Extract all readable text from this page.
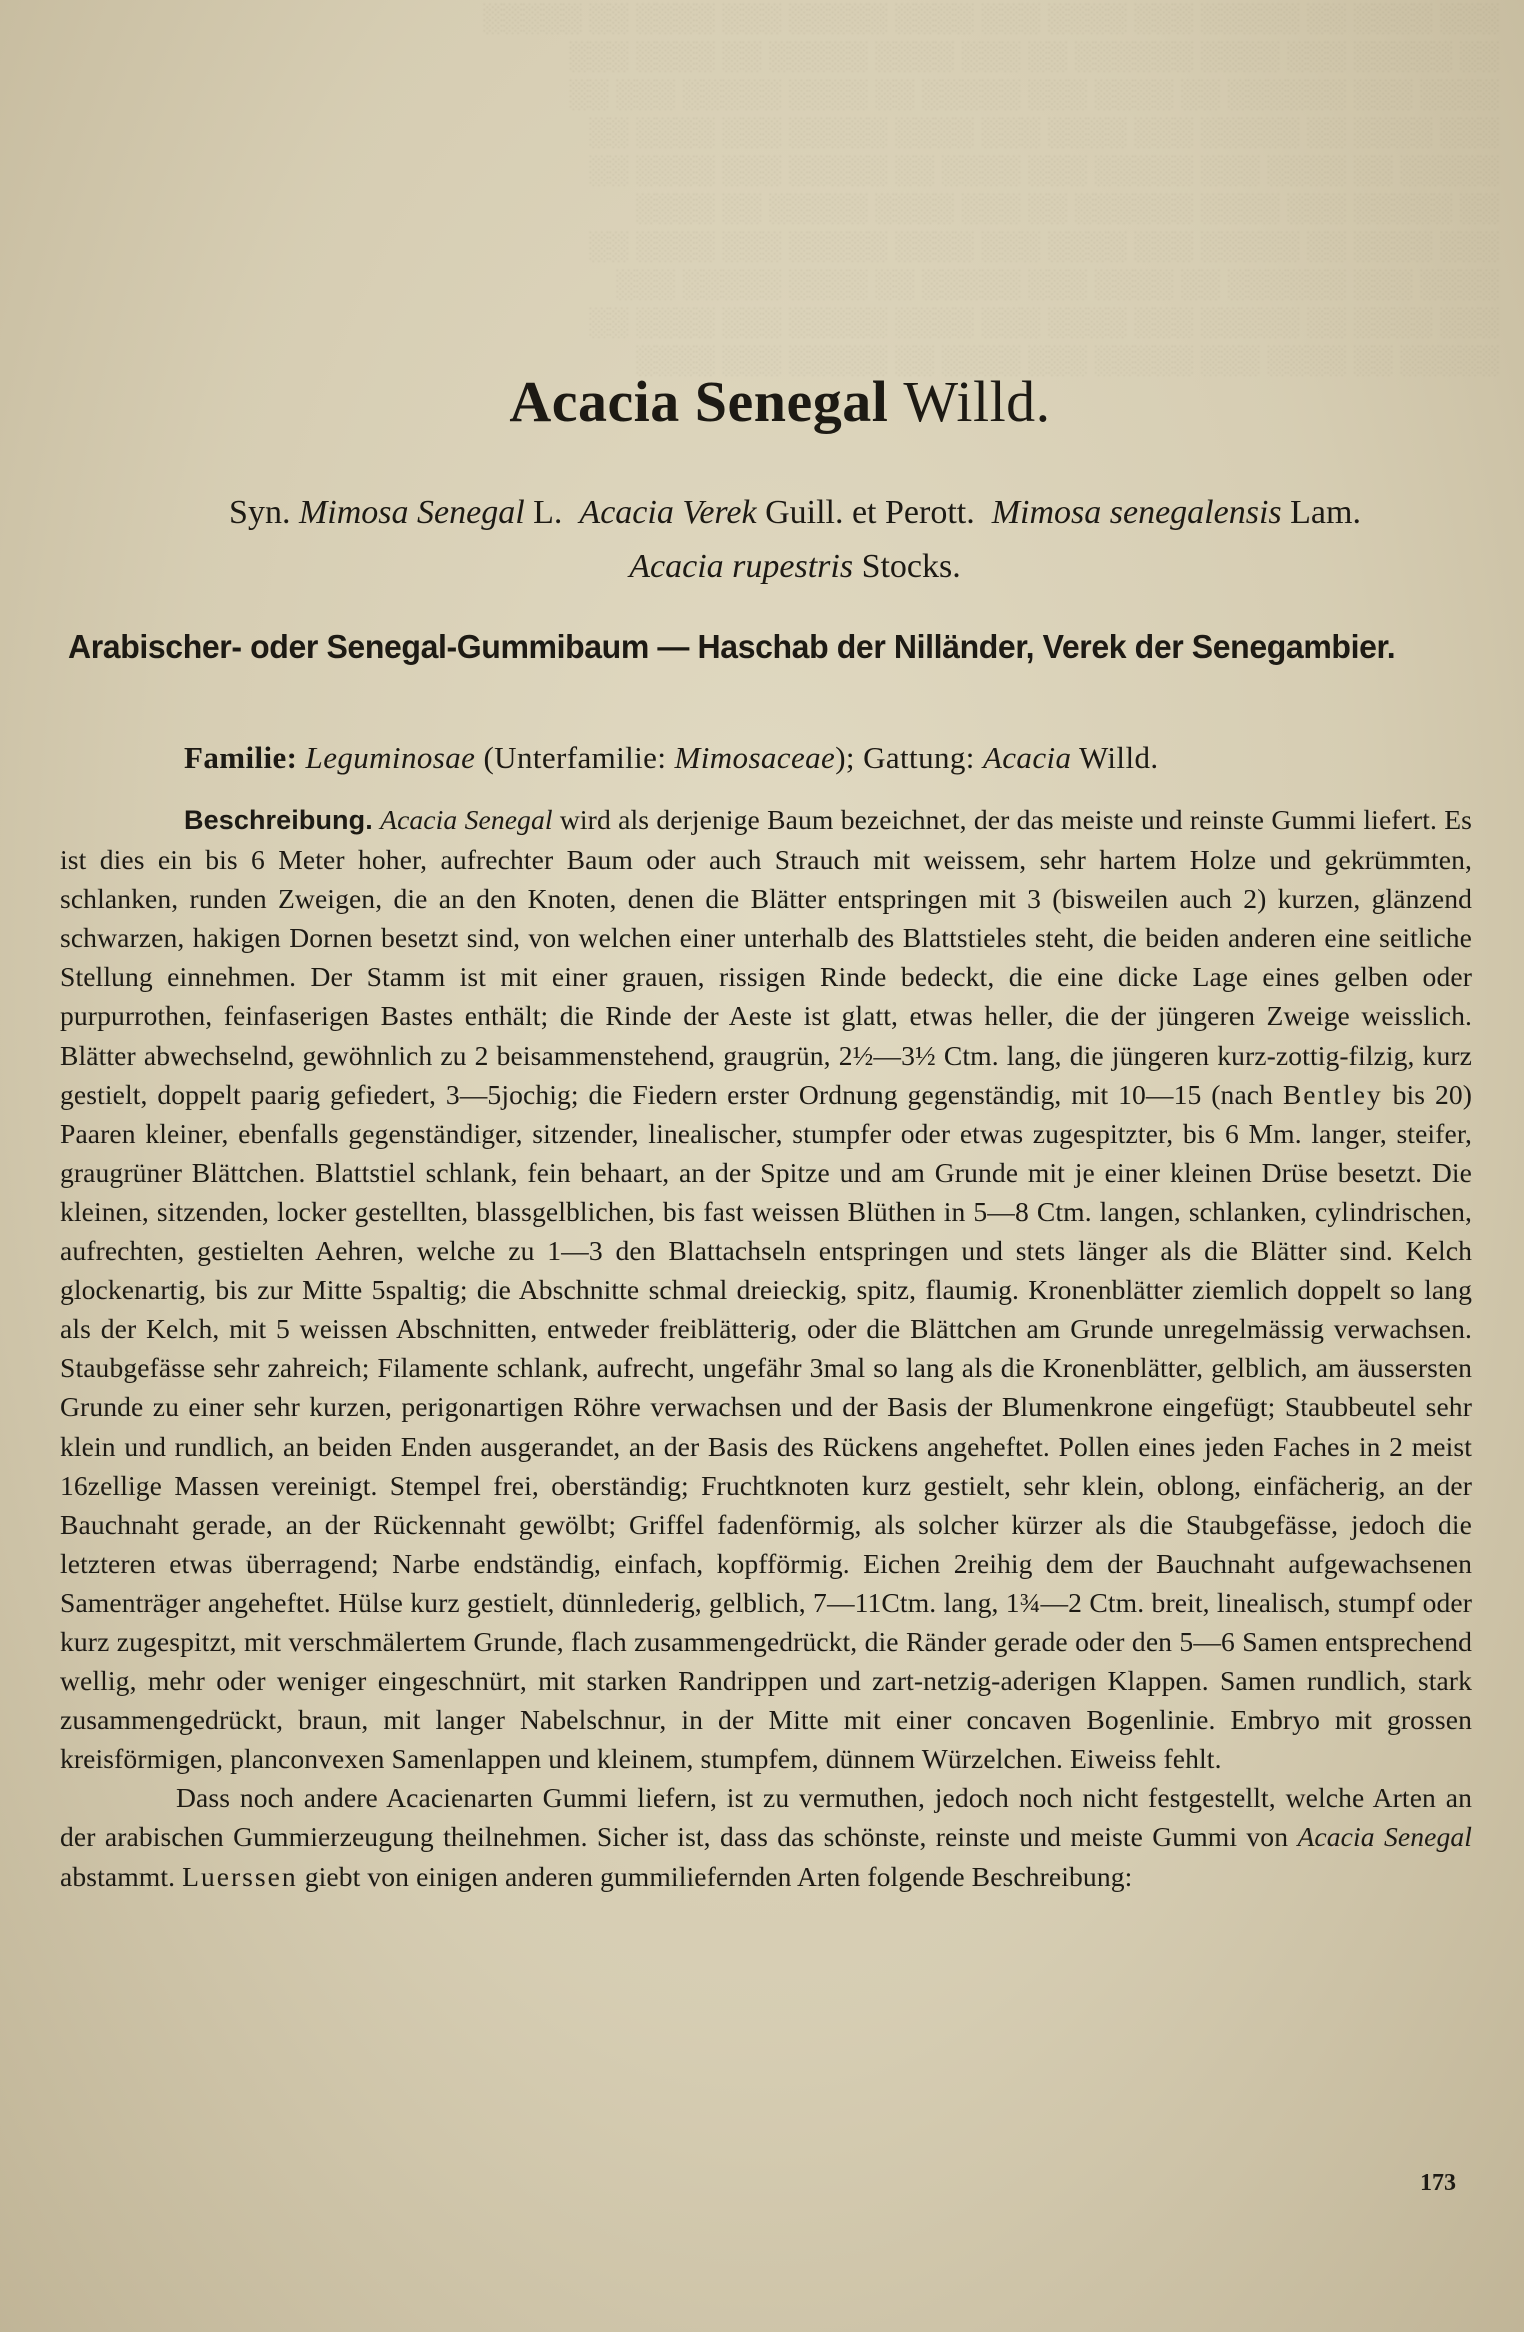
░░░ ░░░░ ░░ ░░░░░ ░░░ ░░░░ ░░░ ░░░░ ░░░░░ ░░░ ░░░░ ░░ ░░░░░
░░ ░░░░░ ░░░ ░░░░ ░░░░░░ ░░ ░░░ ░░░░ ░░░░░ ░░ ░░░░ ░░░
░░░░ ░░░ ░░░░░░ ░░ ░░░░ ░░░ ░░░░░ ░░ ░░░░ ░░░░░ ░░░ ░░
░░░ ░░░░ ░░ ░░░░░ ░░░ ░░░░ ░░░ ░░░░ ░░░░░ ░░░ ░░░░ ░░
░░░░░ ░░ ░░░░ ░░░ ░░░░░ ░░░ ░░░░ ░░ ░░░░░ ░░░ ░░░░ ░░
░░ ░░░░░ ░░░ ░░░░ ░░░░░░ ░░ ░░░ ░░░░ ░░░░░ ░░ ░░░░
░░░ ░░░░ ░░ ░░░░░ ░░░ ░░░░ ░░░ ░░░░ ░░░░░ ░░░ ░░░░ ░░
░░░░ ░░░ ░░░░░░ ░░ ░░░░ ░░░ ░░░░░ ░░ ░░░░ ░░░░░ ░░░
░░░ ░░░░ ░░ ░░░░░ ░░░ ░░░░ ░░░ ░░░░ ░░░░░ ░░░ ░░░░ ░░
░░░░░ ░░ ░░░░ ░░░ ░░░░░ ░░░ ░░░░ ░░ ░░░░░ ░░░ ░░░░

Acacia Senegal Willd.
Syn. Mimosa Senegal L. Acacia Verek Guill. et Perott. Mimosa senegalensis Lam.
Acacia rupestris Stocks.
Arabischer- oder Senegal-Gummibaum — Haschab der Nilländer, Verek der Senegambier.
Familie: Leguminosae (Unterfamilie: Mimosaceae); Gattung: Acacia Willd.

Beschreibung. Acacia Senegal wird als derjenige Baum bezeichnet, der das meiste und reinste Gummi liefert. Es ist dies ein bis 6 Meter hoher, aufrechter Baum oder auch Strauch mit weissem, sehr hartem Holze und gekrümmten, schlanken, runden Zweigen, die an den Knoten, denen die Blätter entspringen mit 3 (bisweilen auch 2) kurzen, glänzend schwarzen, hakigen Dornen besetzt sind, von welchen einer unterhalb des Blattstieles steht, die beiden anderen eine seitliche Stellung einnehmen. Der Stamm ist mit einer grauen, rissigen Rinde bedeckt, die eine dicke Lage eines gelben oder purpurrothen, feinfaserigen Bastes enthält; die Rinde der Aeste ist glatt, etwas heller, die der jüngeren Zweige weisslich. Blätter abwechselnd, gewöhnlich zu 2 beisammenstehend, graugrün, 2½—3½ Ctm. lang, die jüngeren kurz-zottig-filzig, kurz gestielt, doppelt paarig gefiedert, 3—5jochig; die Fiedern erster Ordnung gegenständig, mit 10—15 (nach Bentley bis 20) Paaren kleiner, ebenfalls gegenständiger, sitzender, linealischer, stumpfer oder etwas zugespitzter, bis 6 Mm. langer, steifer, graugrüner Blättchen. Blattstiel schlank, fein behaart, an der Spitze und am Grunde mit je einer kleinen Drüse besetzt. Die kleinen, sitzenden, locker gestellten, blassgelblichen, bis fast weissen Blüthen in 5—8 Ctm. langen, schlanken, cylindrischen, aufrechten, gestielten Aehren, welche zu 1—3 den Blattachseln entspringen und stets länger als die Blätter sind. Kelch glockenartig, bis zur Mitte 5spaltig; die Abschnitte schmal dreieckig, spitz, flaumig. Kronenblätter ziemlich doppelt so lang als der Kelch, mit 5 weissen Abschnitten, entweder freiblätterig, oder die Blättchen am Grunde unregelmässig verwachsen. Staubgefässe sehr zahreich; Filamente schlank, aufrecht, ungefähr 3mal so lang als die Kronenblätter, gelblich, am äussersten Grunde zu einer sehr kurzen, perigonartigen Röhre verwachsen und der Basis der Blumenkrone eingefügt; Staubbeutel sehr klein und rundlich, an beiden Enden ausgerandet, an der Basis des Rückens angeheftet. Pollen eines jeden Faches in 2 meist 16zellige Massen vereinigt. Stempel frei, oberständig; Fruchtknoten kurz gestielt, sehr klein, oblong, einfächerig, an der Bauchnaht gerade, an der Rückennaht gewölbt; Griffel fadenförmig, als solcher kürzer als die Staubgefässe, jedoch die letzteren etwas überragend; Narbe endständig, einfach, kopfförmig. Eichen 2reihig dem der Bauchnaht aufgewachsenen Samenträger angeheftet. Hülse kurz gestielt, dünnlederig, gelblich, 7—11Ctm. lang, 1¾—2 Ctm. breit, linealisch, stumpf oder kurz zugespitzt, mit verschmälertem Grunde, flach zusammengedrückt, die Ränder gerade oder den 5—6 Samen entsprechend wellig, mehr oder weniger eingeschnürt, mit starken Randrippen und zart-netzig-aderigen Klappen. Samen rundlich, stark zusammengedrückt, braun, mit langer Nabelschnur, in der Mitte mit einer concaven Bogenlinie. Embryo mit grossen kreisförmigen, planconvexen Samenlappen und kleinem, stumpfem, dünnem Würzelchen. Eiweiss fehlt.

Dass noch andere Acacienarten Gummi liefern, ist zu vermuthen, jedoch noch nicht festgestellt, welche Arten an der arabischen Gummierzeugung theilnehmen. Sicher ist, dass das schönste, reinste und meiste Gummi von Acacia Senegal abstammt. Luerssen giebt von einigen anderen gummiliefernden Arten folgende Beschreibung:

173
